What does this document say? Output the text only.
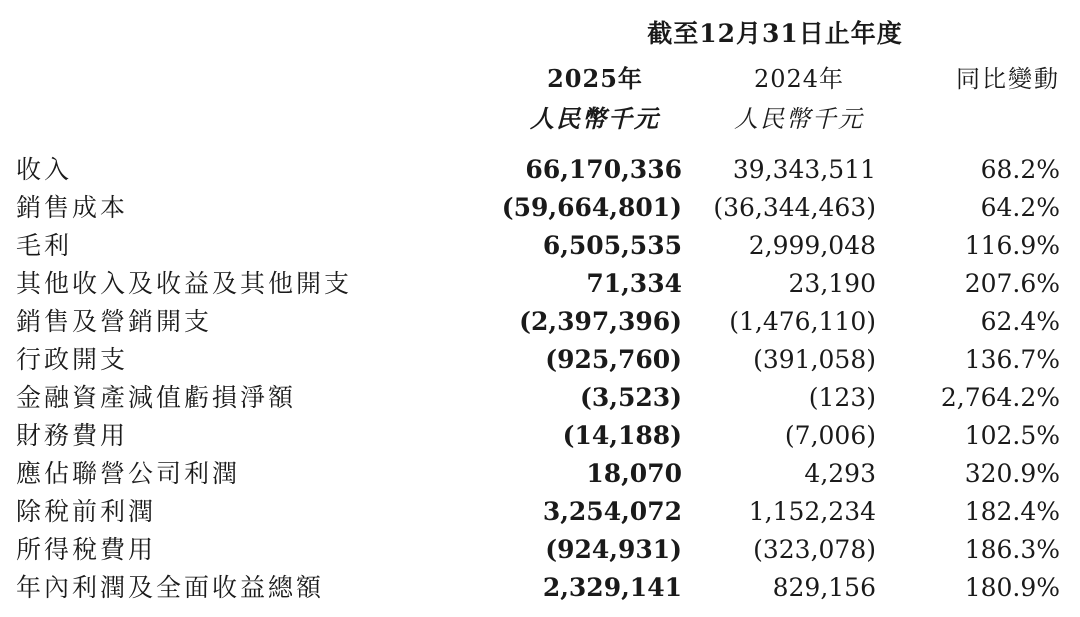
	截至12月31日止年度		
	2025年	2024年	同比變動
	人民幣千元	人民幣千元	
收入	66,170,336	39,343,511	68.2%
銷售成本	(59,664,801)	(36,344,463)	64.2%
毛利	6,505,535	2,999,048	116.9%
其他收入及收益及其他開支	71,334	23,190	207.6%
銷售及營銷開支	(2,397,396)	(1,476,110)	62.4%
行政開支	(925,760)	(391,058)	136.7%
金融資產減值虧損淨額	(3,523)	(123)	2,764.2%
財務費用	(14,188)	(7,006)	102.5%
應佔聯營公司利潤	18,070	4,293	320.9%
除稅前利潤	3,254,072	1,152,234	182.4%
所得稅費用	(924,931)	(323,078)	186.3%
年內利潤及全面收益總額	2,329,141	829,156	180.9%
